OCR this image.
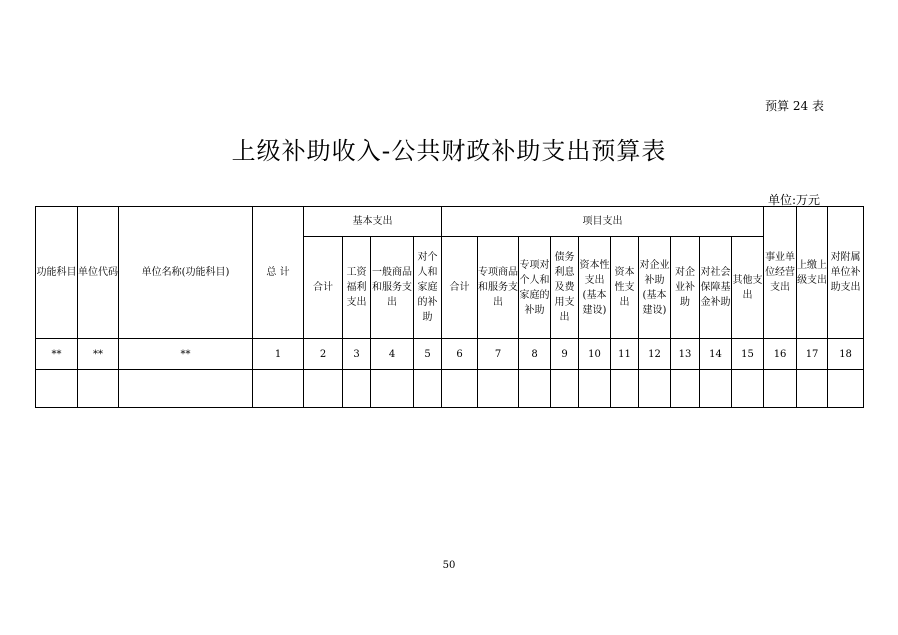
预算 24 表
上级补助收入-公共财政补助支出预算表
单位:万元
功能科目	单位代码	单位名称(功能科目)	总 计	基本支出				项目支出										事业单位经营支出	上缴上级支出	对附属单位补助支出
				合计	工资福利支出	一般商品和服务支出	对个人和家庭的补助	合计	专项商品和服务支出	专项对个人和家庭的补助	债务利息及费用支出	资本性支出(基本建设)	资本性支出	对企业补助(基本建设)	对企业补助	对社会保障基金补助	其他支出			
**	**	**	1	2	3	4	5	6	7	8	9	10	11	12	13	14	15	16	17	18

50
